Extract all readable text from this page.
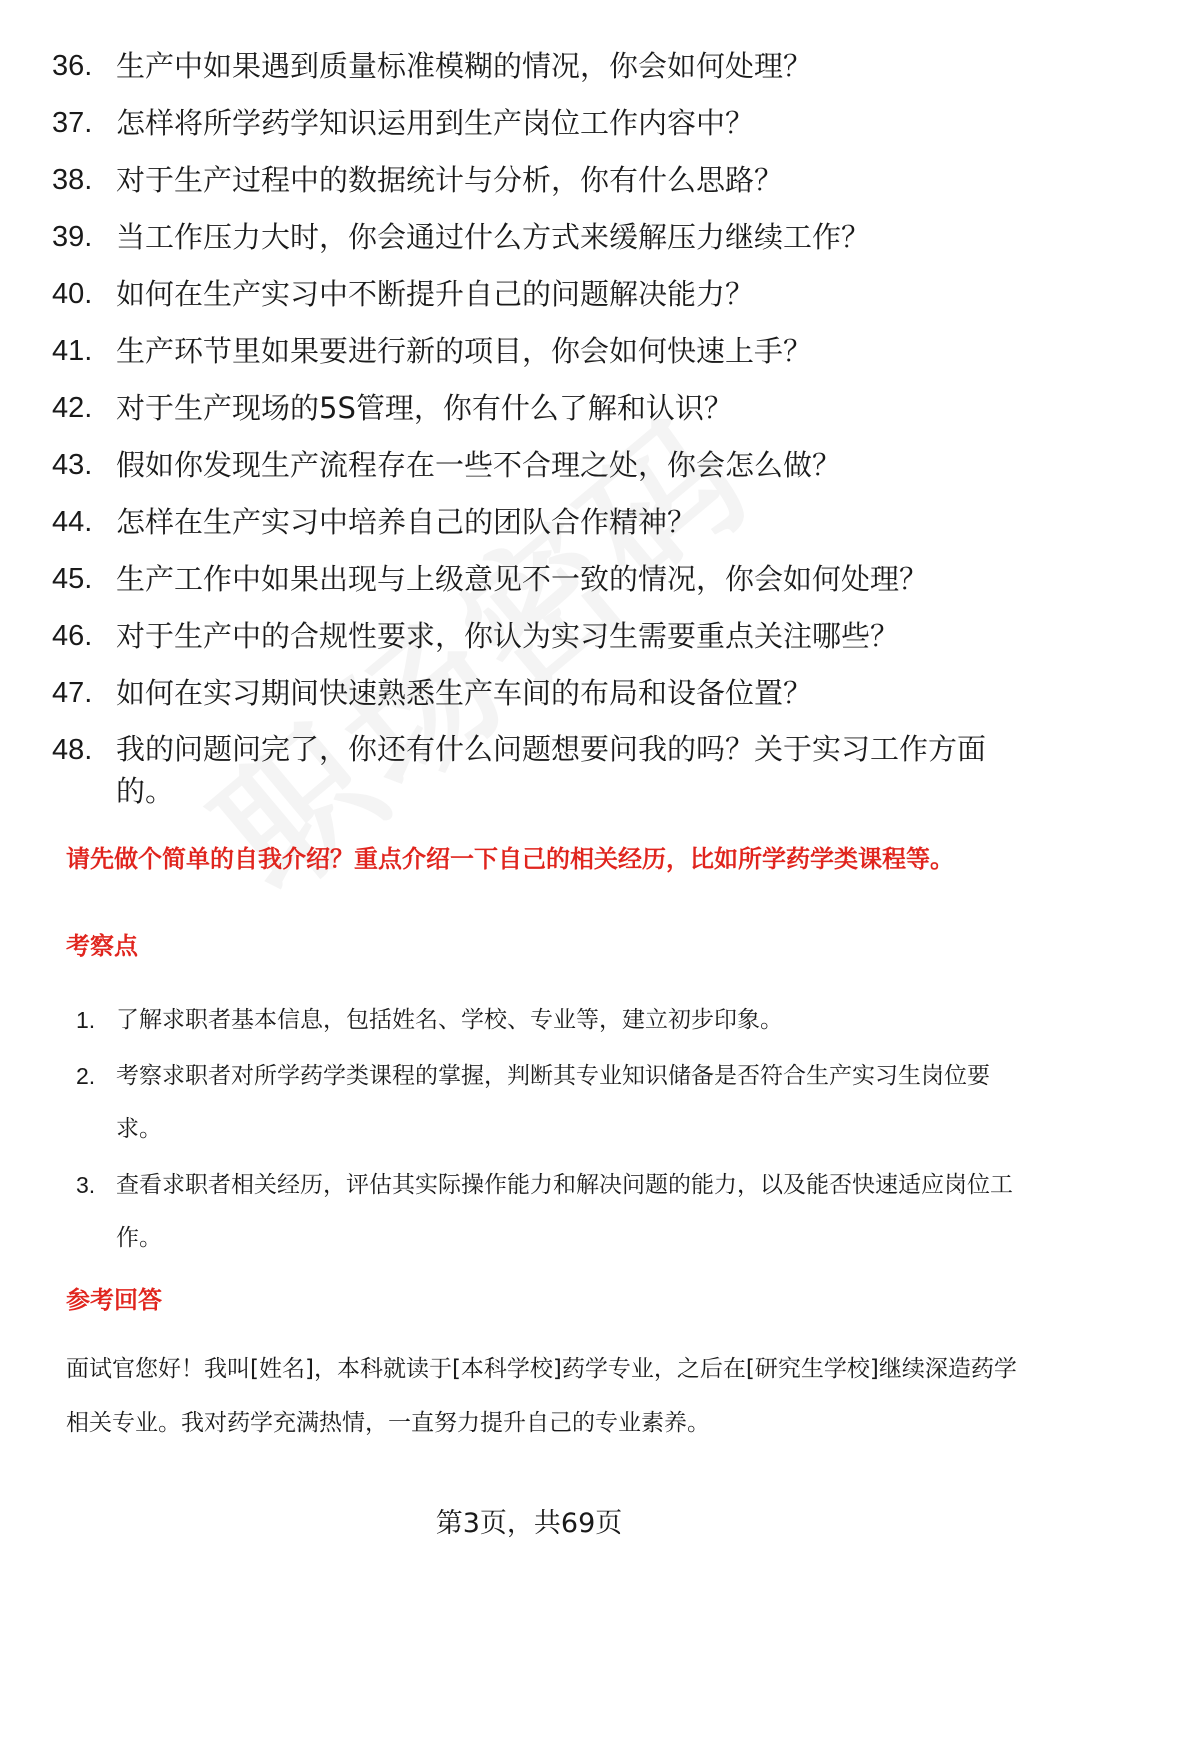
36. 生产中如果遇到质量标准模糊的情况，你会如何处理？
37. 怎样将所学药学知识运用到生产岗位工作内容中？
38. 对于生产过程中的数据统计与分析，你有什么思路？
39. 当工作压力大时，你会通过什么方式来缓解压力继续工作？
40. 如何在生产实习中不断提升自己的问题解决能力？
41. 生产环节里如果要进行新的项目，你会如何快速上手？
42. 对于生产现场的5S管理，你有什么了解和认识？
43. 假如你发现生产流程存在一些不合理之处，你会怎么做？
44. 怎样在生产实习中培养自己的团队合作精神？
45. 生产工作中如果出现与上级意见不一致的情况，你会如何处理？
46. 对于生产中的合规性要求，你认为实习生需要重点关注哪些？
47. 如何在实习期间快速熟悉生产车间的布局和设备位置？
48. 我的问题问完了，你还有什么问题想要问我的吗？关于实习工作方面的。
请先做个简单的自我介绍？重点介绍一下自己的相关经历，比如所学药学类课程等。
考察点
1. 了解求职者基本信息，包括姓名、学校、专业等，建立初步印象。
2. 考察求职者对所学药学类课程的掌握，判断其专业知识储备是否符合生产实习生岗位要求。
3. 查看求职者相关经历，评估其实际操作能力和解决问题的能力，以及能否快速适应岗位工作。
参考回答
面试官您好！我叫[姓名]，本科就读于[本科学校]药学专业，之后在[研究生学校]继续深造药学相关专业。我对药学充满热情，一直努力提升自己的专业素养。
第3页，共69页
